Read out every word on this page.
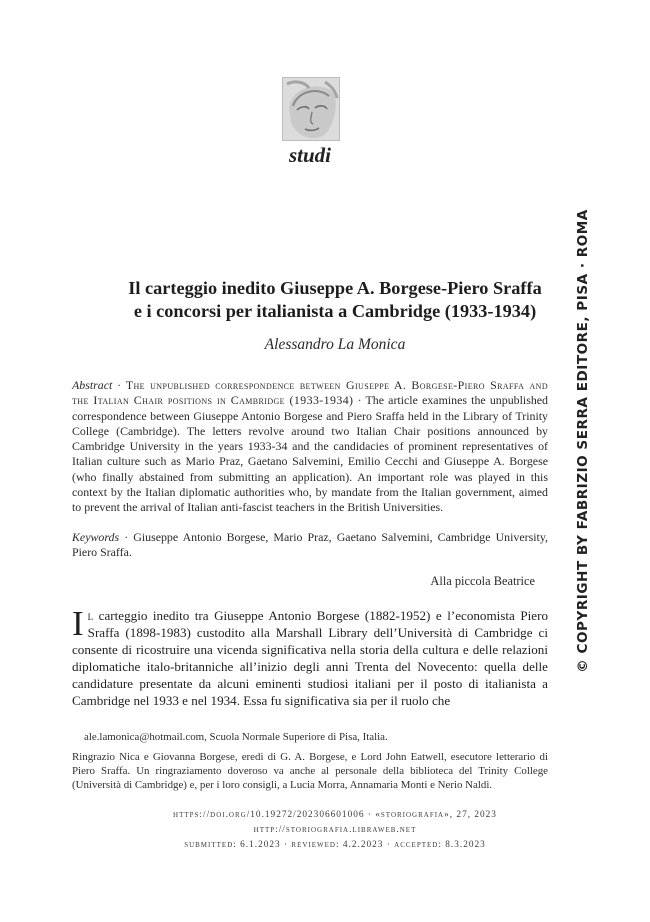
studi
© COPYRIGHT BY FABRIZIO SERRA EDITORE, PISA · ROMA
Il carteggio inedito Giuseppe A. Borgese-Piero Sraffa
e i concorsi per italianista a Cambridge (1933-1934)
Alessandro La Monica
Abstract · The unpublished correspondence between Giuseppe A. Borgese-Piero Sraffa and the Italian Chair positions in Cambridge (1933-1934) · The article examines the unpublished correspondence between Giuseppe Antonio Borgese and Piero Sraffa held in the Library of Trinity College (Cambridge). The letters revolve around two Italian Chair positions announced by Cambridge University in the years 1933-34 and the candidacies of prominent representatives of Italian culture such as Mario Praz, Gaetano Salvemini, Emilio Cecchi and Giuseppe A. Borgese (who finally abstained from submitting an application). An important role was played in this context by the Italian diplomatic authorities who, by mandate from the Italian government, aimed to prevent the arrival of Italian anti-fascist teachers in the British Universities.
Keywords · Giuseppe Antonio Borgese, Mario Praz, Gaetano Salvemini, Cambridge University, Piero Sraffa.
Alla piccola Beatrice
Il carteggio inedito tra Giuseppe Antonio Borgese (1882-1952) e l’economista Piero Sraffa (1898-1983) custodito alla Marshall Library dell’Università di Cambridge ci consente di ricostruire una vicenda significativa nella storia della cultura e delle relazioni diplomatiche italo-britanniche all’inizio degli anni Trenta del Novecento: quella delle candidature presentate da alcuni eminenti studiosi italiani per il posto di italianista a Cambridge nel 1933 e nel 1934. Essa fu significativa sia per il ruolo che

ale.lamonica@hotmail.com, Scuola Normale Superiore di Pisa, Italia.

Ringrazio Nica e Giovanna Borgese, eredi di G. A. Borgese, e Lord John Eatwell, esecutore letterario di Piero Sraffa. Un ringraziamento doveroso va anche al personale della biblioteca del Trinity College (Università di Cambridge) e, per i loro consigli, a Lucia Morra, Annamaria Monti e Nerio Naldi.

https://doi.org/10.19272/202306601006 · «storiografia», 27, 2023
http://storiografia.libraweb.net
submitted: 6.1.2023 · reviewed: 4.2.2023 · accepted: 8.3.2023
